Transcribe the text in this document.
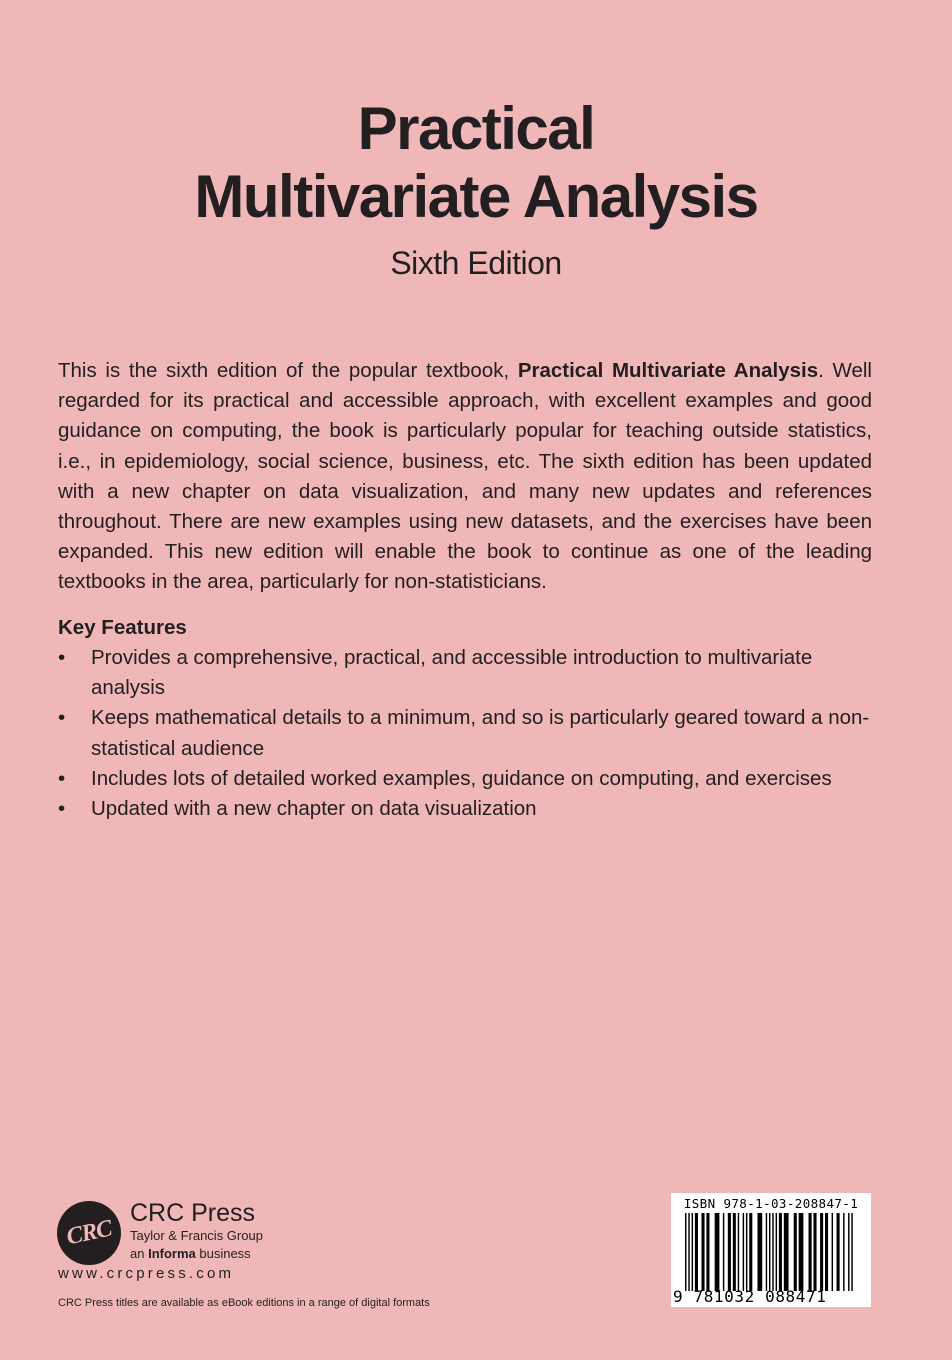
Practical
Multivariate Analysis
Sixth Edition
This is the sixth edition of the popular textbook, Practical Multivariate Analysis. Well regarded for its practical and accessible approach, with excellent examples and good guidance on computing, the book is particularly popular for teaching outside statistics, i.e., in epidemiology, social science, business, etc. The sixth edition has been updated with a new chapter on data visualization, and many new updates and references throughout. There are new examples using new datasets, and the exercises have been expanded. This new edition will enable the book to continue as one of the leading textbooks in the area, particularly for non-statisticians.
Key Features
•	Provides a comprehensive, practical, and accessible introduction to multivariate analysis
•	Keeps mathematical details to a minimum, and so is particularly geared toward a non-statistical audience
•	Includes lots of detailed worked examples, guidance on computing, and exercises
•	Updated with a new chapter on data visualization
CRC
CRC Press
Taylor & Francis Group
an Informa business
www.crcpress.com
CRC Press titles are available as eBook editions in a range of digital formats
ISBN 978-1-03-208847-1
9 781032 088471
